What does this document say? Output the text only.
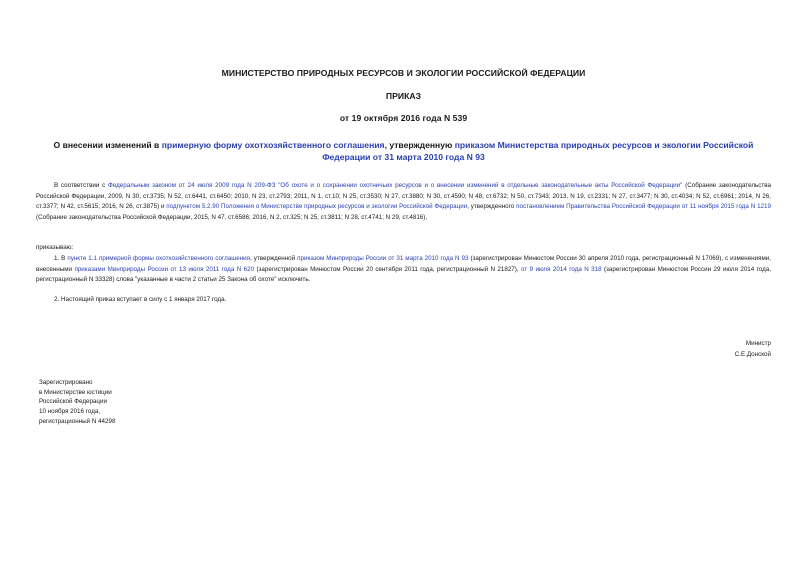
МИНИСТЕРСТВО ПРИРОДНЫХ РЕСУРСОВ И ЭКОЛОГИИ РОССИЙСКОЙ ФЕДЕРАЦИИ
ПРИКАЗ
от 19 октября 2016 года N 539
О внесении изменений в примерную форму охотхозяйственного соглашения, утвержденную приказом Министерства природных ресурсов и экологии Российской Федерации от 31 марта 2010 года N 93

В соответствии с Федеральным законом от 24 июля 2009 года N 209-ФЗ "Об охоте и о сохранении охотничьих ресурсов и о внесении изменений в отдельные законодательные акты Российской Федерации" (Собрание законодательства Российской Федерации, 2009, N 30, ст.3735; N 52, ст.6441, ст.6450; 2010, N 23, ст.2793; 2011, N 1, ст.10; N 25, ст.3530; N 27, ст.3880; N 30, ст.4590; N 48, ст.6732; N 50, ст.7343; 2013, N 19, ст.2331; N 27, ст.3477; N 30, ст.4034; N 52, ст.6961; 2014, N 26, ст.3377; N 42, ст.5615; 2016, N 26, ст.3875) и подпунктом 5.2.90 Положения о Министерстве природных ресурсов и экологии Российской Федерации, утвержденного постановлением Правительства Российской Федерации от 11 ноября 2015 года N 1219 (Собрание законодательства Российской Федерации, 2015, N 47, ст.6586; 2016, N 2, ст.325; N 25, ст.3811; N 28, ст.4741; N 29, ст.4816),

приказываю:

1. В пункте 1.1 примерной формы охотхозяйственного соглашения, утвержденной приказом Минприроды России от 31 марта 2010 года N 93 (зарегистрирован Минюстом России 30 апреля 2010 года, регистрационный N 17069), с изменениями, внесенными приказами Минприроды России от 13 июля 2011 года N 620 (зарегистрирован Минюстом России 20 сентября 2011 года, регистрационный N 21827), от 9 июля 2014 года N 318 (зарегистрирован Минюстом России 29 июля 2014 года, регистрационный N 33328) слова "указанные в части 2 статьи 25 Закона об охоте" исключить.

2. Настоящий приказ вступает в силу с 1 января 2017 года.
Министр
С.Е.Донской
Зарегистрировано
в Министерстве юстиции
Российской Федерации
10 ноября 2016 года,
регистрационный N 44298
